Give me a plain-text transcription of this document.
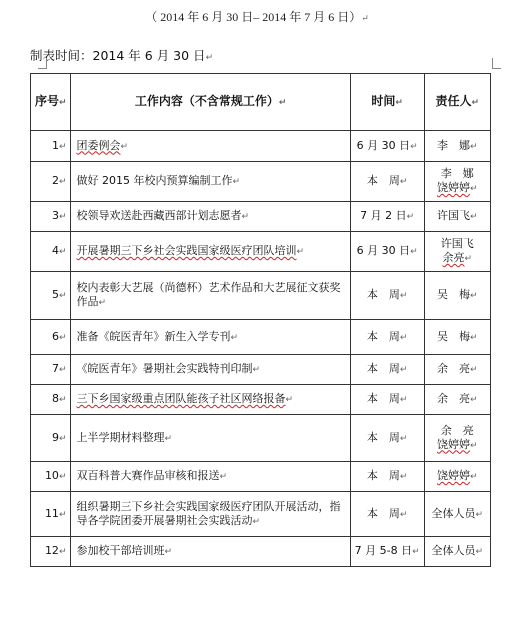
（ 2014 年 6 月 30 日– 2014 年 7 月 6 日）↵
制表时间：2014 年 6 月 30 日↵
序号↵	工作内容（不含常规工作）↵	时间↵	责任人↵
1↵	团委例会↵	6 月 30 日↵	李　娜↵

2↵	做好 2015 年校内预算编制工作↵	本　周↵	李　娜
饶婷婷↵

3↵	校领导欢送赴西藏西部计划志愿者↵	7 月 2 日↵	许国飞↵

4↵	开展暑期三下乡社会实践国家级医疗团队培训↵	6 月 30 日↵	许国飞
余亮↵

5↵	校内表彰大艺展（尚德杯）艺术作品和大艺展征文获奖作品↵	本　周↵	吴　梅↵

6↵	准备《皖医青年》新生入学专刊↵	本　周↵	吴　梅↵

7↵	《皖医青年》暑期社会实践特刊印制↵	本　周↵	余　亮↵

8↵	三下乡国家级重点团队能孩子社区网络报备↵	本　周↵	余　亮↵

9↵	上半学期材料整理↵	本　周↵	余　亮
饶婷婷↵

10↵	双百科普大赛作品审核和报送↵	本　周↵	饶婷婷↵

11↵	组织暑期三下乡社会实践国家级医疗团队开展活动，指导各学院团委开展暑期社会实践活动↵	本　周↵	全体人员↵

12↵	参加校干部培训班↵	7 月 5-8 日↵	全体人员↵
